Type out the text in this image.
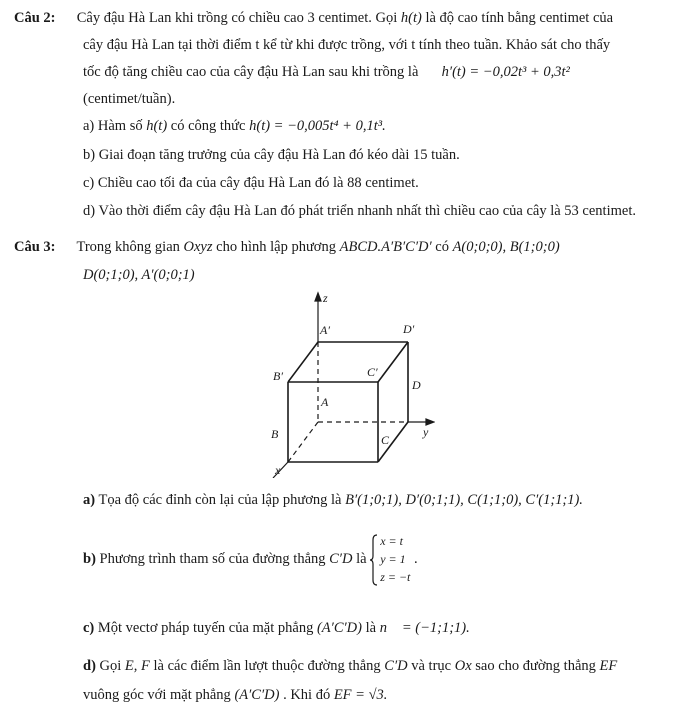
Câu 2: Cây đậu Hà Lan khi trồng có chiều cao 3 centimet. Gọi h(t) là độ cao tính bằng centimet của
cây đậu Hà Lan tại thời điểm t kể từ khi được trồng, với t tính theo tuần. Khảo sát cho thấy
tốc độ tăng chiều cao của cây đậu Hà Lan sau khi trồng là h′(t) = −0,02t³ + 0,3t²
(centimet/tuần).
a) Hàm số h(t) có công thức h(t) = −0,005t⁴ + 0,1t³.
b) Giai đoạn tăng trưởng của cây đậu Hà Lan đó kéo dài 15 tuần.
c) Chiều cao tối đa của cây đậu Hà Lan đó là 88 centimet.
d) Vào thời điểm cây đậu Hà Lan đó phát triển nhanh nhất thì chiều cao của cây là 53 centimet.
Câu 3: Trong không gian Oxyz cho hình lập phương ABCD.A′B′C′D′ có A(0;0;0), B(1;0;0)
D(0;1;0), A′(0;0;1)
z
y
x
A′	D′
B′	C′
A
D
B	C
a) Tọa độ các đỉnh còn lại của lập phương là B′(1;0;1), D′(0;1;1), C(1;1;0), C′(1;1;1).
b) Phương trình tham số của đường thẳng C′D là
x = t
y = 1
z = −t
.
c) Một vectơ pháp tuyến của mặt phẳng (A′C′D) là n⃗ = (−1;1;1).
d) Gọi E, F là các điểm lần lượt thuộc đường thẳng C′D và trục Ox sao cho đường thẳng EF
vuông góc với mặt phẳng (A′C′D) . Khi đó EF = √3.
